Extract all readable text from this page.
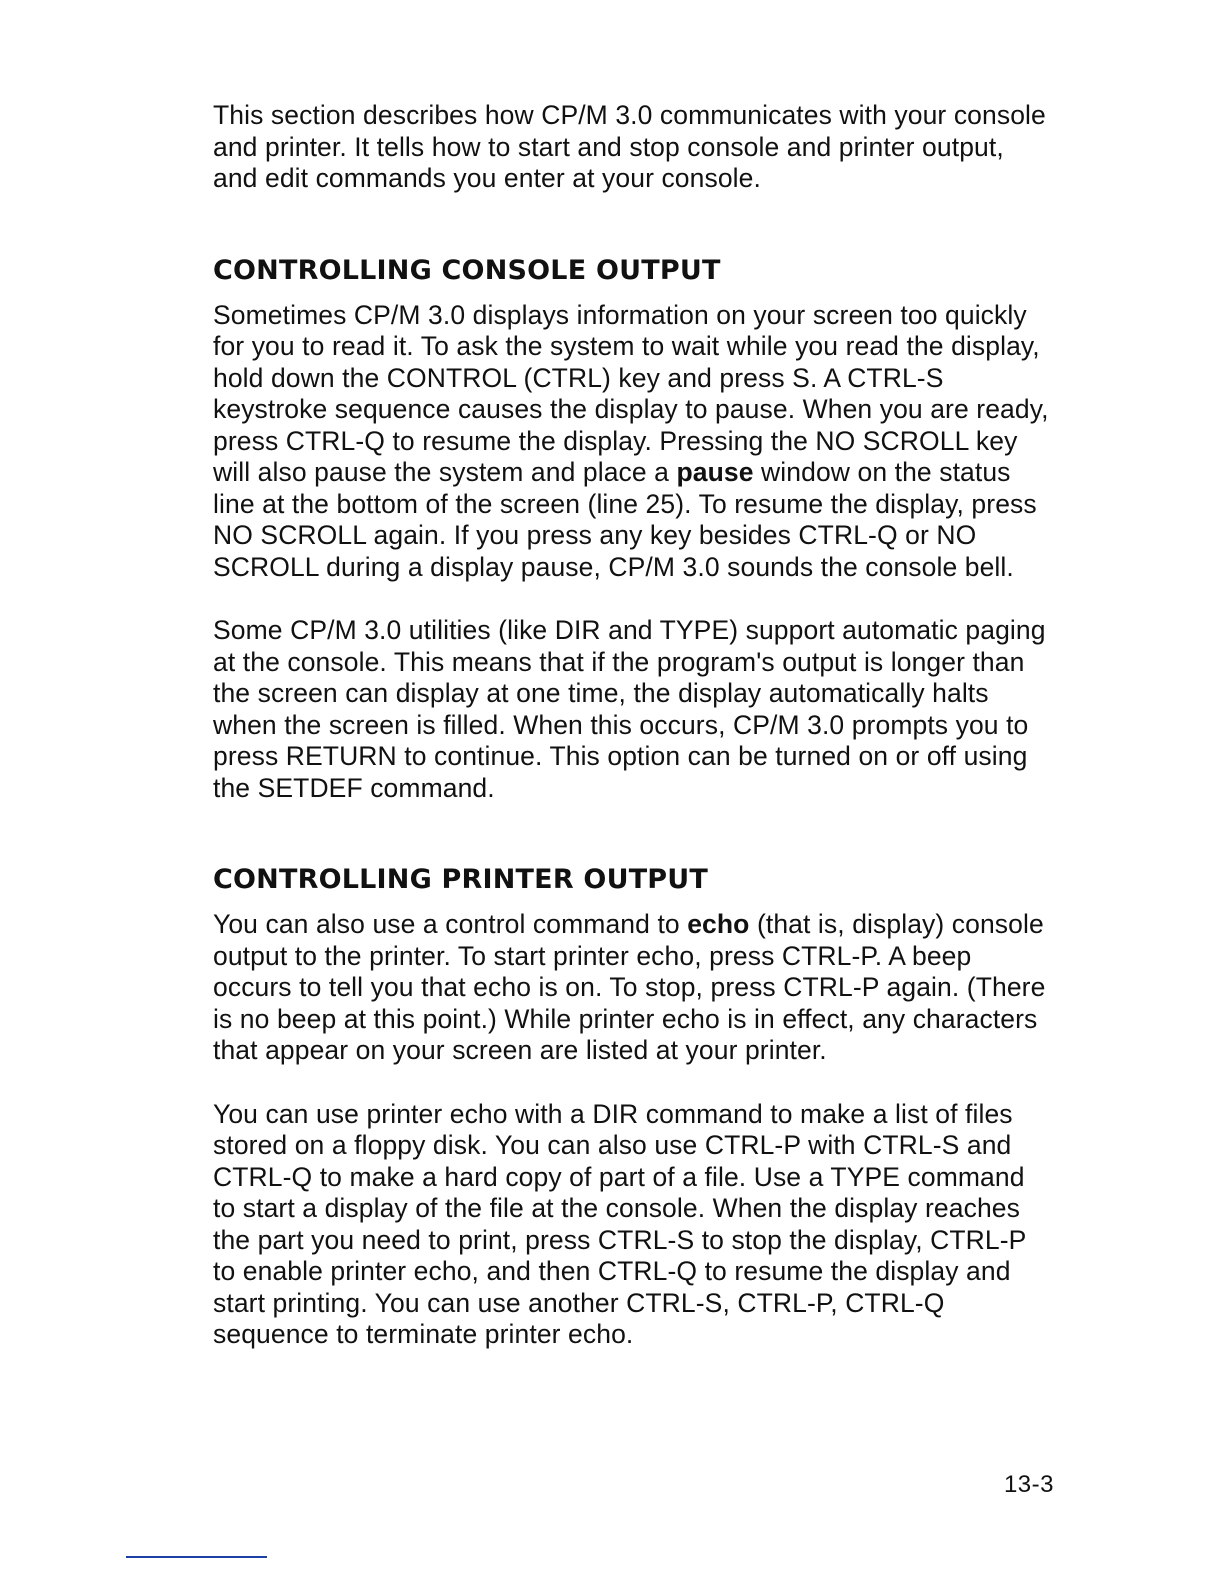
This section describes how CP/M 3.0 communicates with your console and printer. It tells how to start and stop console and printer output, and edit commands you enter at your console.

CONTROLLING CONSOLE OUTPUT

Sometimes CP/M 3.0 displays information on your screen too quickly for you to read it. To ask the system to wait while you read the display, hold down the CONTROL (CTRL) key and press S. A CTRL-S keystroke sequence causes the display to pause. When you are ready, press CTRL-Q to resume the display. Pressing the NO SCROLL key will also pause the system and place a pause window on the status line at the bottom of the screen (line 25). To resume the display, press NO SCROLL again. If you press any key besides CTRL-Q or NO SCROLL during a display pause, CP/M 3.0 sounds the console bell.

Some CP/M 3.0 utilities (like DIR and TYPE) support automatic paging at the console. This means that if the program's output is longer than the screen can display at one time, the display automatically halts when the screen is filled. When this occurs, CP/M 3.0 prompts you to press RETURN to continue. This option can be turned on or off using the SETDEF command.

CONTROLLING PRINTER OUTPUT

You can also use a control command to echo (that is, display) console output to the printer. To start printer echo, press CTRL-P. A beep occurs to tell you that echo is on. To stop, press CTRL-P again. (There is no beep at this point.) While printer echo is in effect, any characters that appear on your screen are listed at your printer.

You can use printer echo with a DIR command to make a list of files stored on a floppy disk. You can also use CTRL-P with CTRL-S and CTRL-Q to make a hard copy of part of a file. Use a TYPE command to start a display of the file at the console. When the display reaches the part you need to print, press CTRL-S to stop the display, CTRL-P to enable printer echo, and then CTRL-Q to resume the display and start printing. You can use another CTRL-S, CTRL-P, CTRL-Q sequence to terminate printer echo.

13-3
